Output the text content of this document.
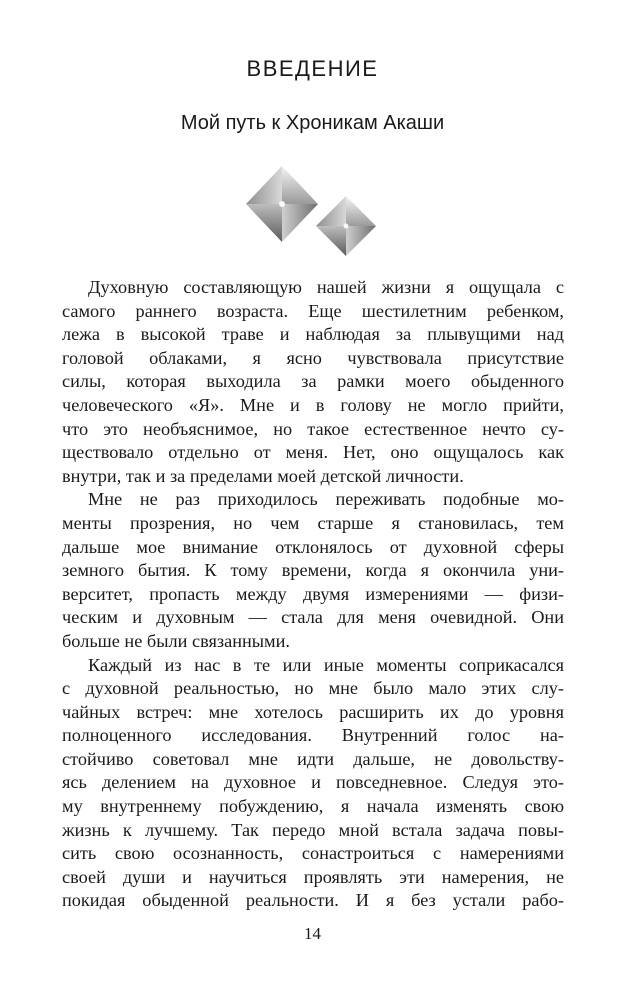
ВВЕДЕНИЕ
Мой путь к Хроникам Акаши
Духовную составляющую нашей жизни я ощущала с
самого раннего возраста. Еще шестилетним ребенком,
лежа в высокой траве и наблюдая за плывущими над
головой облаками, я ясно чувствовала присутствие
силы, которая выходила за рамки моего обыденного
человеческого «Я». Мне и в голову не могло прийти,
что это необъяснимое, но такое естественное нечто су-
ществовало отдельно от меня. Нет, оно ощущалось как
внутри, так и за пределами моей детской личности.
Мне не раз приходилось переживать подобные мо-
менты прозрения, но чем старше я становилась, тем
дальше мое внимание отклонялось от духовной сферы
земного бытия. К тому времени, когда я окончила уни-
верситет, пропасть между двумя измерениями — физи-
ческим и духовным — стала для меня очевидной. Они
больше не были связанными.
Каждый из нас в те или иные моменты соприкасался
с духовной реальностью, но мне было мало этих слу-
чайных встреч: мне хотелось расширить их до уровня
полноценного исследования. Внутренний голос на-
стойчиво советовал мне идти дальше, не довольству-
ясь делением на духовное и повседневное. Следуя это-
му внутреннему побуждению, я начала изменять свою
жизнь к лучшему. Так передо мной встала задача повы-
сить свою осознанность, сонастроиться с намерениями
своей души и научиться проявлять эти намерения, не
покидая обыденной реальности. И я без устали рабо-
14
